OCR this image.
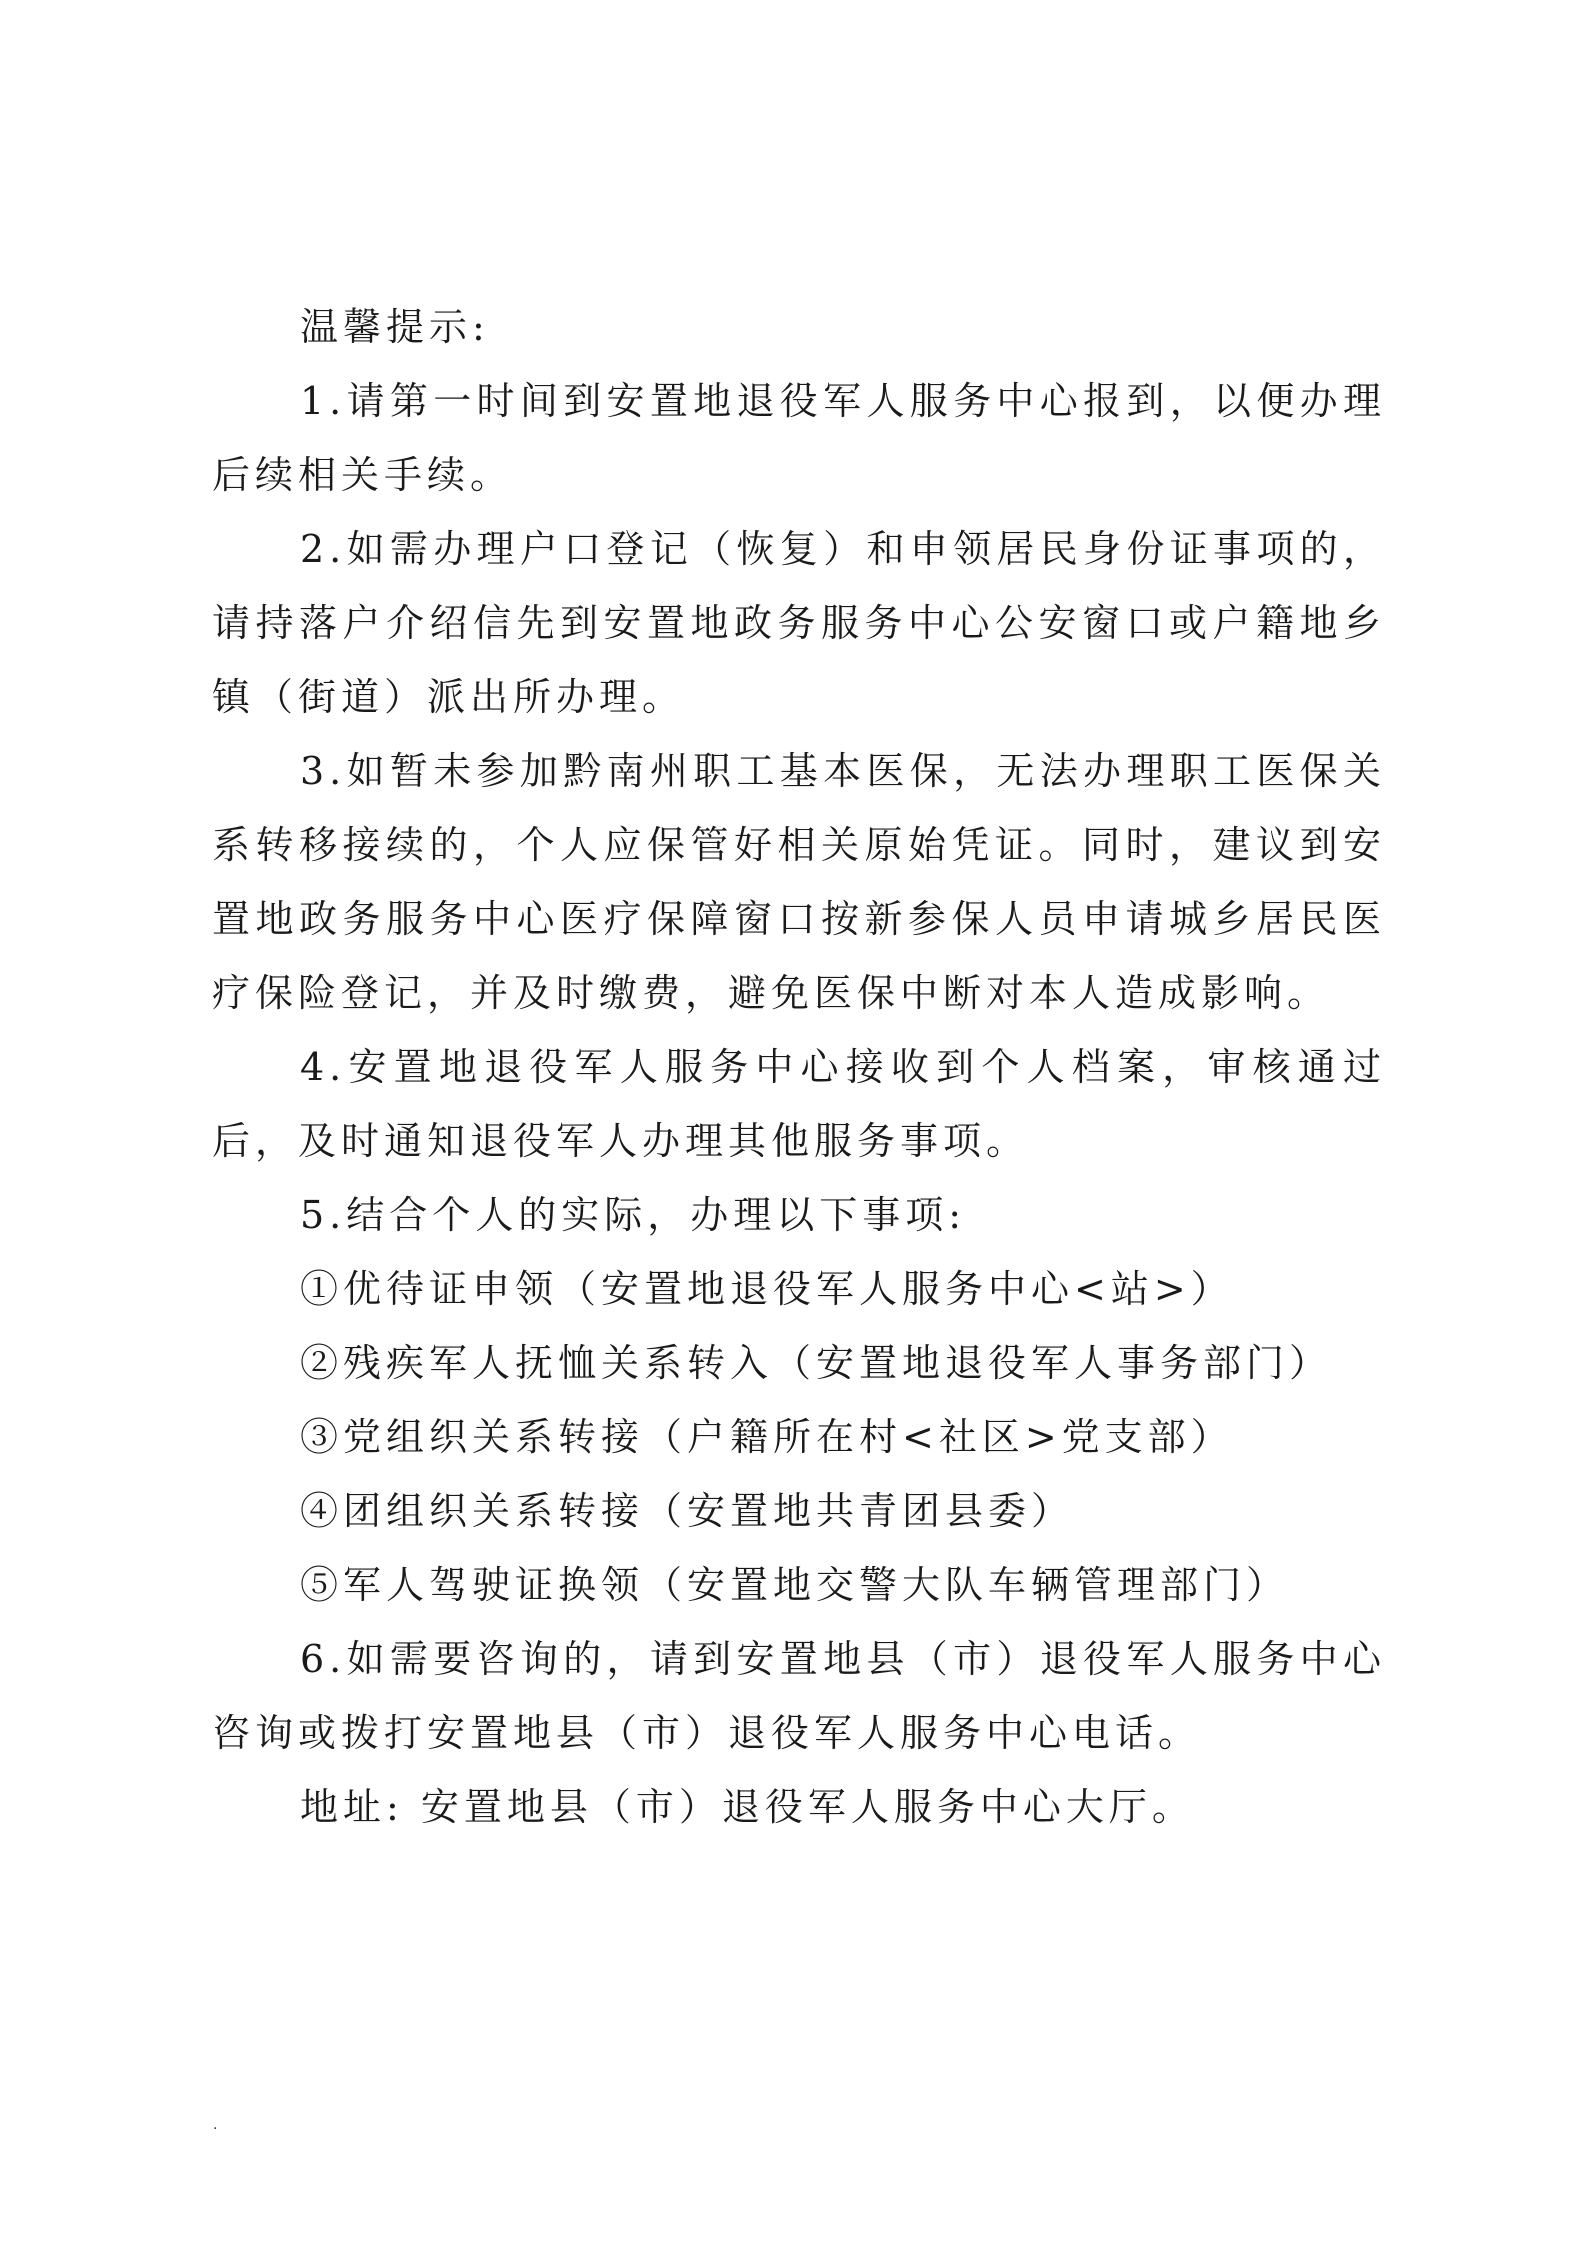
温馨提示:

1.请第一时间到安置地退役军人服务中心报到，以便办理后续相关手续。

2.如需办理户口登记（恢复）和申领居民身份证事项的，请持落户介绍信先到安置地政务服务中心公安窗口或户籍地乡镇（街道）派出所办理。

3.如暂未参加黔南州职工基本医保，无法办理职工医保关系转移接续的，个人应保管好相关原始凭证。同时，建议到安置地政务服务中心医疗保障窗口按新参保人员申请城乡居民医疗保险登记，并及时缴费，避免医保中断对本人造成影响。

4.安置地退役军人服务中心接收到个人档案，审核通过后，及时通知退役军人办理其他服务事项。

5.结合个人的实际，办理以下事项:

①优待证申领（安置地退役军人服务中心<站>）

②残疾军人抚恤关系转入（安置地退役军人事务部门）

③党组织关系转接（户籍所在村<社区>党支部）

④团组织关系转接（安置地共青团县委）

⑤军人驾驶证换领（安置地交警大队车辆管理部门）

6.如需要咨询的，请到安置地县（市）退役军人服务中心咨询或拨打安置地县（市）退役军人服务中心电话。

地址: 安置地县（市）退役军人服务中心大厅。

.
